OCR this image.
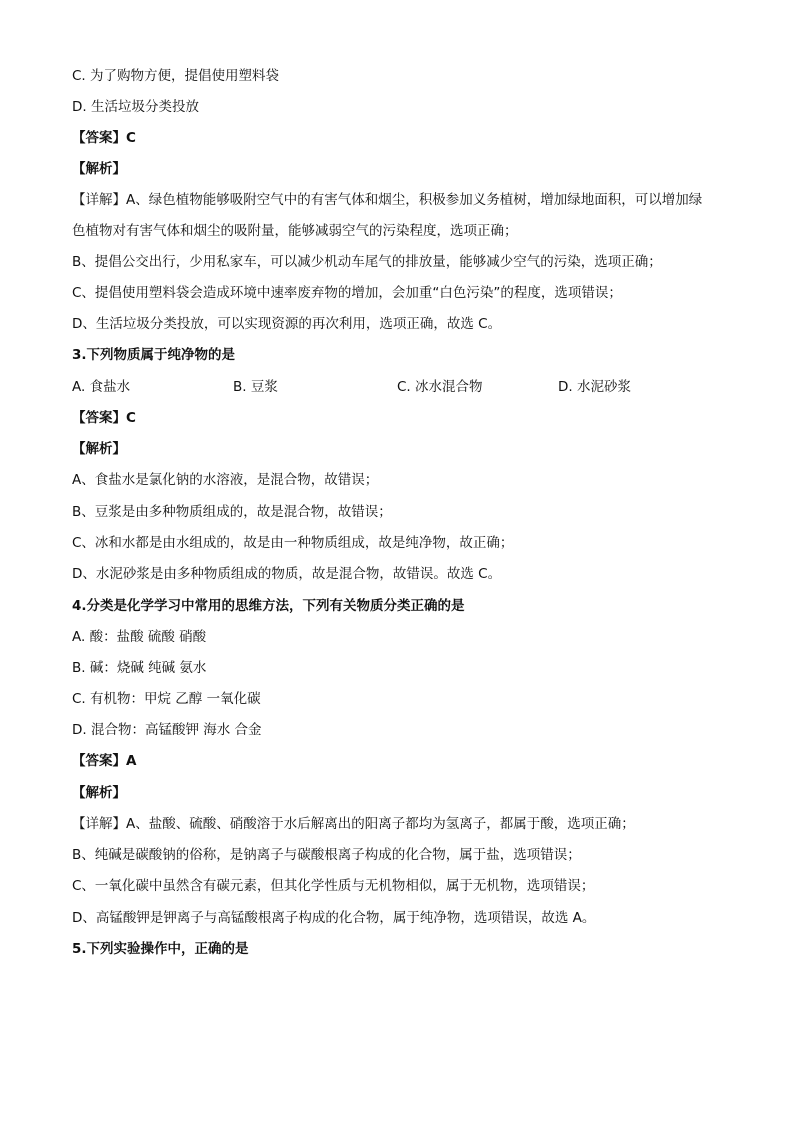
C. 为了购物方便，提倡使用塑料袋
D. 生活垃圾分类投放
【答案】C
【解析】
【详解】A、绿色植物能够吸附空气中的有害气体和烟尘，积极参加义务植树，增加绿地面积，可以增加绿
色植物对有害气体和烟尘的吸附量，能够减弱空气的污染程度，选项正确；
B、提倡公交出行，少用私家车，可以减少机动车尾气的排放量，能够减少空气的污染，选项正确；
C、提倡使用塑料袋会造成环境中速率废弃物的增加，会加重“白色污染”的程度，选项错误；
D、生活垃圾分类投放，可以实现资源的再次利用，选项正确，故选 C。
3.下列物质属于纯净物的是
A. 食盐水	B. 豆浆	C. 冰水混合物	D. 水泥砂浆
【答案】C
【解析】
A、食盐水是氯化钠的水溶液，是混合物，故错误；
B、豆浆是由多种物质组成的，故是混合物，故错误；
C、冰和水都是由水组成的，故是由一种物质组成，故是纯净物，故正确；
D、水泥砂浆是由多种物质组成的物质，故是混合物，故错误。故选 C。
4.分类是化学学习中常用的思维方法，下列有关物质分类正确的是
A. 酸：盐酸 硫酸 硝酸
B. 碱：烧碱 纯碱 氨水
C. 有机物：甲烷 乙醇 一氧化碳
D. 混合物：高锰酸钾 海水 合金
【答案】A
【解析】
【详解】A、盐酸、硫酸、硝酸溶于水后解离出的阳离子都均为氢离子，都属于酸，选项正确；
B、纯碱是碳酸钠的俗称，是钠离子与碳酸根离子构成的化合物，属于盐，选项错误；
C、一氧化碳中虽然含有碳元素，但其化学性质与无机物相似，属于无机物，选项错误；
D、高锰酸钾是钾离子与高锰酸根离子构成的化合物，属于纯净物，选项错误，故选 A。
5.下列实验操作中，正确的是
